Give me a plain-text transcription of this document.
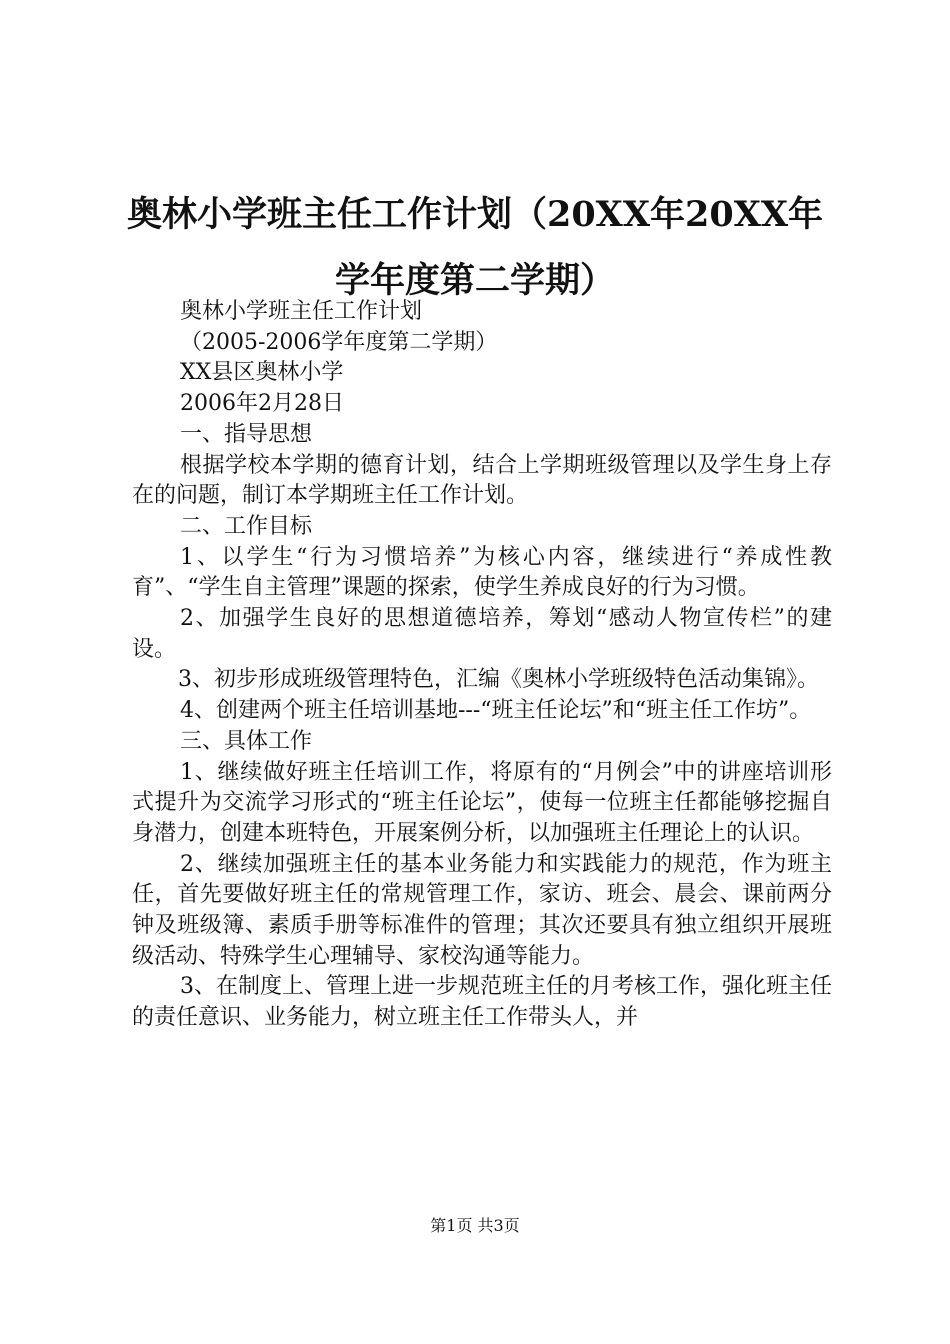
奥林小学班主任工作计划（20XX年20XX年学年度第二学期）

奥林小学班主任工作计划

（2005-2006学年度第二学期）

XX县区奥林小学

2006年2月28日

一、指导思想

根据学校本学期的德育计划，结合上学期班级管理以及学生身上存在的问题，制订本学期班主任工作计划。

二、工作目标

1、以学生“行为习惯培养”为核心内容，继续进行“养成性教育”、“学生自主管理”课题的探索，使学生养成良好的行为习惯。

2、加强学生良好的思想道德培养，筹划“感动人物宣传栏”的建设。

3、初步形成班级管理特色，汇编《奥林小学班级特色活动集锦》。

4、创建两个班主任培训基地---“班主任论坛”和“班主任工作坊”。

三、具体工作

1、继续做好班主任培训工作，将原有的“月例会”中的讲座培训形式提升为交流学习形式的“班主任论坛”，使每一位班主任都能够挖掘自身潜力，创建本班特色，开展案例分析，以加强班主任理论上的认识。

2、继续加强班主任的基本业务能力和实践能力的规范，作为班主任，首先要做好班主任的常规管理工作，家访、班会、晨会、课前两分钟及班级簿、素质手册等标准件的管理；其次还要具有独立组织开展班级活动、特殊学生心理辅导、家校沟通等能力。

3、在制度上、管理上进一步规范班主任的月考核工作，强化班主任的责任意识、业务能力，树立班主任工作带头人，并

第1页 共3页
